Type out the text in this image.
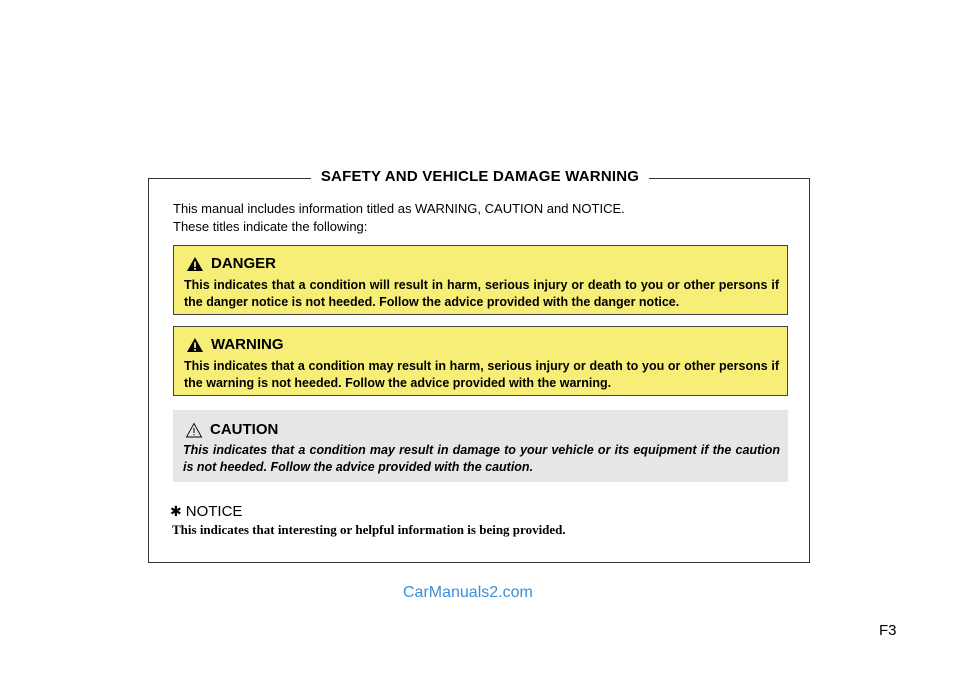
SAFETY AND VEHICLE DAMAGE WARNING
This manual includes information titled as WARNING, CAUTION and NOTICE.
These titles indicate the following:
DANGER
This indicates that a condition will result in harm, serious injury or death to you or other persons if the danger notice is not heeded. Follow the advice provided with the danger notice.
WARNING
This indicates that a condition may result in harm, serious injury or death to you or other persons if the warning is not heeded. Follow the advice provided with the warning.
CAUTION
This indicates that a condition may result in damage to your vehicle or its equipment if the caution is not heeded. Follow the advice provided with the caution.
✱ NOTICE
This indicates that interesting or helpful information is being provided.
CarManuals2.com
F3
